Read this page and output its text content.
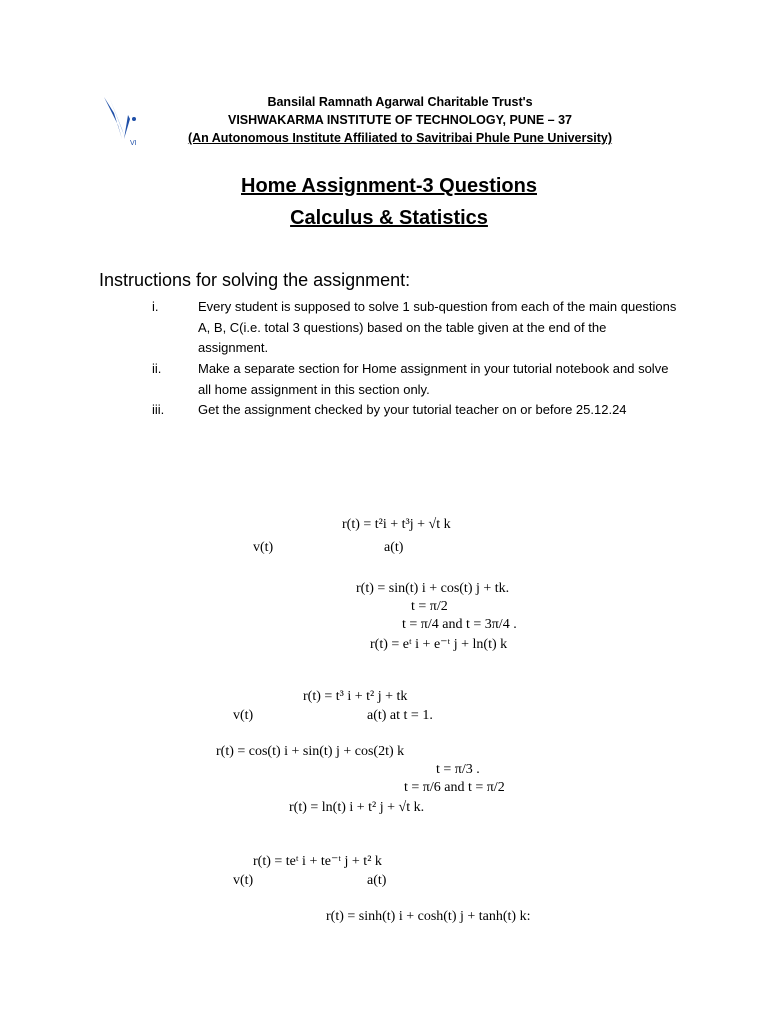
VI
Bansilal Ramnath Agarwal Charitable Trust's
VISHWAKARMA INSTITUTE OF TECHNOLOGY, PUNE – 37
(An Autonomous Institute Affiliated to Savitribai Phule Pune University)
Home Assignment-3 Questions
Calculus & Statistics
Instructions for solving the assignment:
i.	Every student is supposed to solve 1 sub-question from each of the main questions A, B, C(i.e. total 3 questions) based on the table given at the end of the assignment.
ii.	Make a separate section for Home assignment in your tutorial notebook and solve all home assignment in this section only.
iii.	Get the assignment checked by your tutorial teacher on or before 25.12.24
r(t) = t²i + t³j + √t k
v(t)	a(t)
r(t) = sin(t) i + cos(t) j + tk.
t = π/2
t = π/4 and t = 3π/4 .
r(t) = eᵗ i + e⁻ᵗ j + ln(t) k
r(t) = t³ i + t² j + tk
v(t)	a(t) at t = 1.
r(t) = cos(t) i + sin(t) j + cos(2t) k
t = π/3 .
t = π/6 and t = π/2
r(t) = ln(t) i + t² j + √t k.
r(t) = teᵗ i + te⁻ᵗ j + t² k
v(t)	a(t)
r(t) = sinh(t) i + cosh(t) j + tanh(t) k:
